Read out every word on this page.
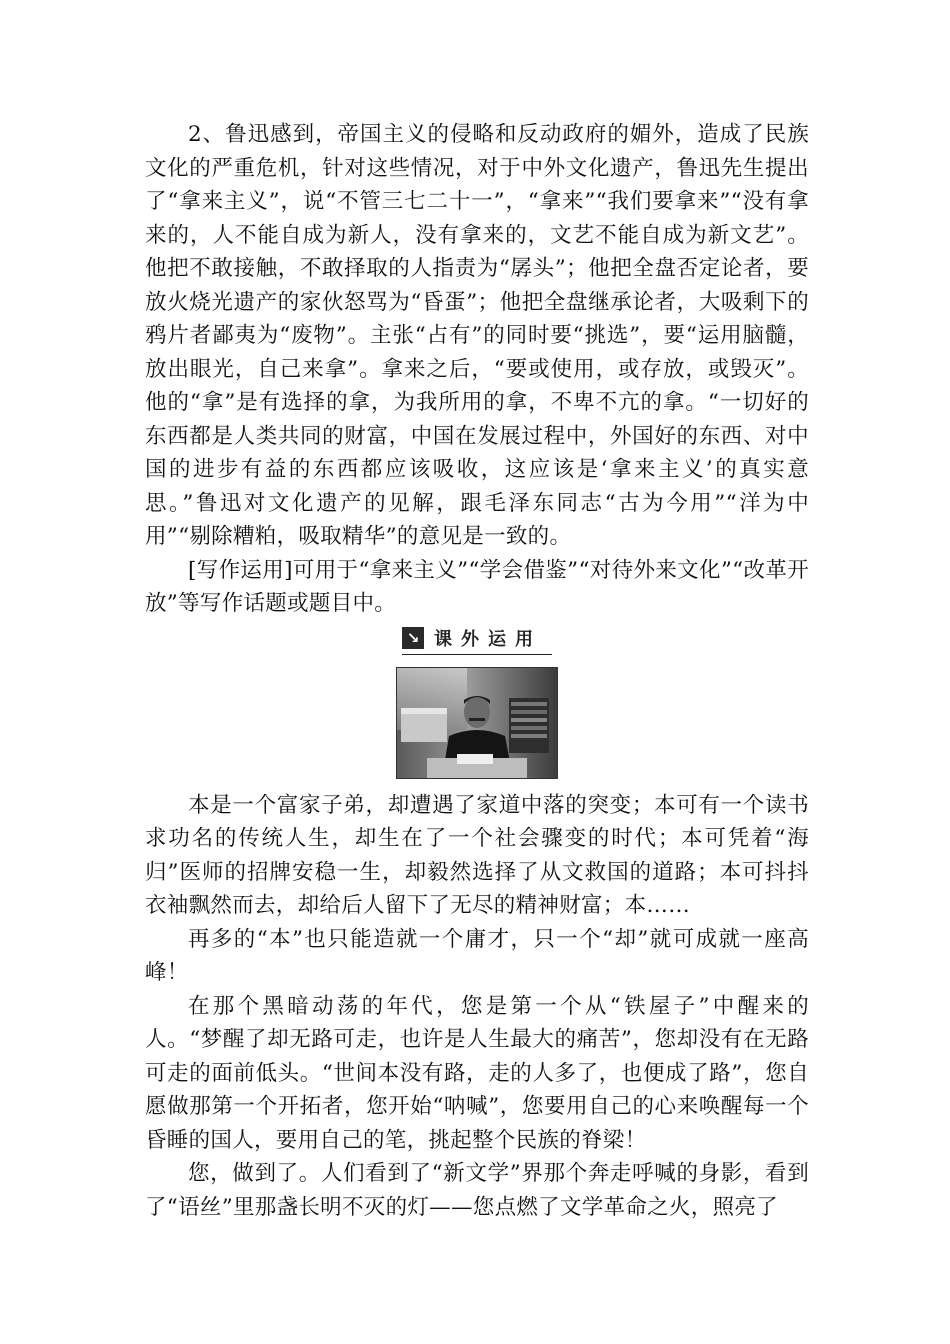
2、鲁迅感到，帝国主义的侵略和反动政府的媚外，造成了民族文化的严重危机，针对这些情况，对于中外文化遗产，鲁迅先生提出了“拿来主义”，说“不管三七二十一”，“拿来”“我们要拿来”“没有拿来的，人不能自成为新人，没有拿来的，文艺不能自成为新文艺”。他把不敢接触，不敢择取的人指责为“孱头”；他把全盘否定论者，要放火烧光遗产的家伙怒骂为“昏蛋”；他把全盘继承论者，大吸剩下的鸦片者鄙夷为“废物”。主张“占有”的同时要“挑选”，要“运用脑髓，放出眼光，自己来拿”。拿来之后，“要或使用，或存放，或毁灭”。他的“拿”是有选择的拿，为我所用的拿，不卑不亢的拿。“一切好的东西都是人类共同的财富，中国在发展过程中，外国好的东西、对中国的进步有益的东西都应该吸收，这应该是‘拿来主义’的真实意思。”鲁迅对文化遗产的见解，跟毛泽东同志“古为今用”“洋为中用”“剔除糟粕，吸取精华”的意见是一致的。

[写作运用]可用于“拿来主义”“学会借鉴”“对待外来文化”“改革开放”等写作话题或题目中。

↘ 课外运用

本是一个富家子弟，却遭遇了家道中落的突变；本可有一个读书求功名的传统人生，却生在了一个社会骤变的时代；本可凭着“海归”医师的招牌安稳一生，却毅然选择了从文救国的道路；本可抖抖衣袖飘然而去，却给后人留下了无尽的精神财富；本……

再多的“本”也只能造就一个庸才，只一个“却”就可成就一座高峰！

在那个黑暗动荡的年代，您是第一个从“铁屋子”中醒来的人。“梦醒了却无路可走，也许是人生最大的痛苦”，您却没有在无路可走的面前低头。“世间本没有路，走的人多了，也便成了路”，您自愿做那第一个开拓者，您开始“呐喊”，您要用自己的心来唤醒每一个昏睡的国人，要用自己的笔，挑起整个民族的脊梁！

您，做到了。人们看到了“新文学”界那个奔走呼喊的身影，看到了“语丝”里那盏长明不灭的灯——您点燃了文学革命之火，照亮了
